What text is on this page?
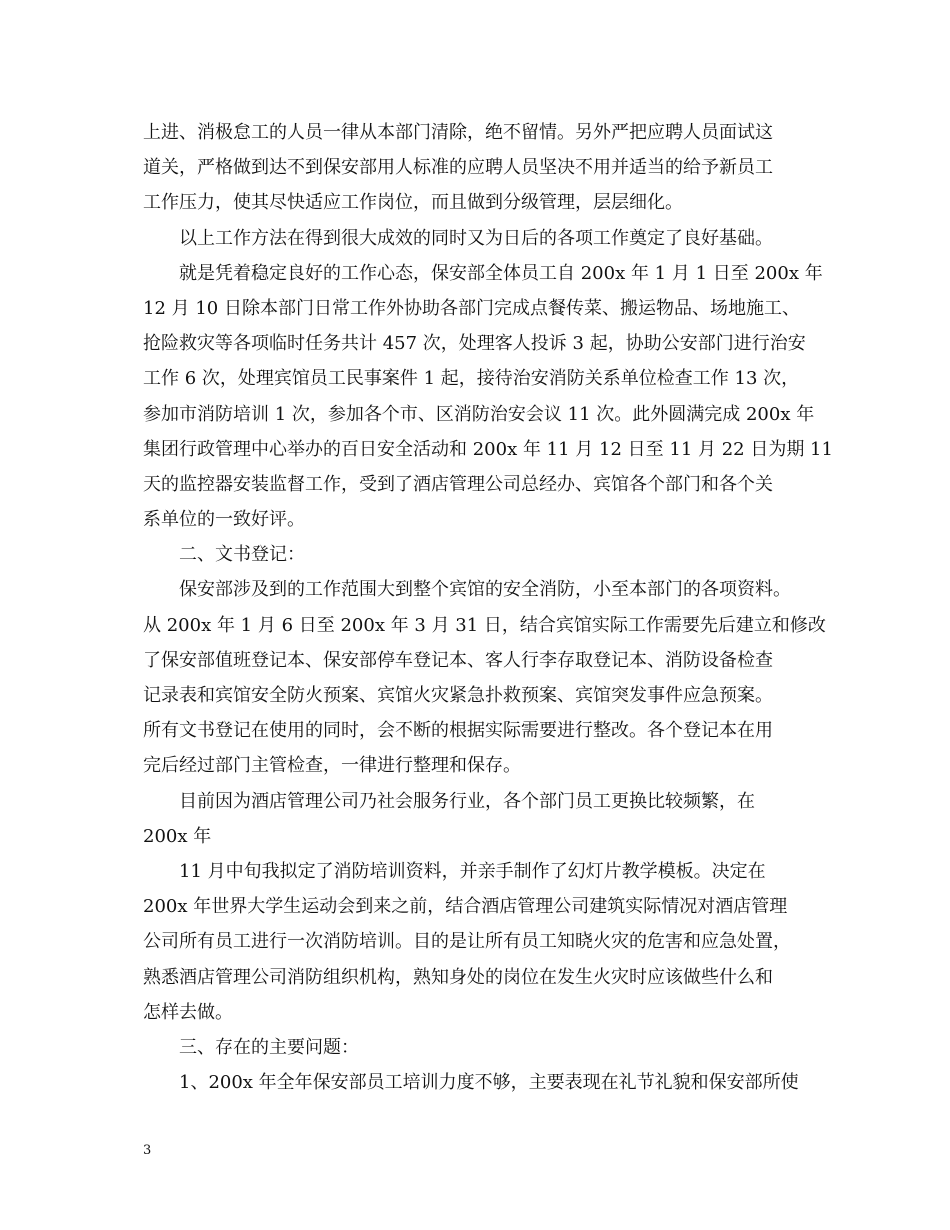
上进、消极怠工的人员一律从本部门清除，绝不留情。另外严把应聘人员面试这
道关，严格做到达不到保安部用人标准的应聘人员坚决不用并适当的给予新员工
工作压力，使其尽快适应工作岗位，而且做到分级管理，层层细化。
以上工作方法在得到很大成效的同时又为日后的各项工作奠定了良好基础。
就是凭着稳定良好的工作心态，保安部全体员工自 200x 年 1 月 1 日至 200x 年
12 月 10 日除本部门日常工作外协助各部门完成点餐传菜、搬运物品、场地施工、
抢险救灾等各项临时任务共计 457 次，处理客人投诉 3 起，协助公安部门进行治安
工作 6 次，处理宾馆员工民事案件 1 起，接待治安消防关系单位检查工作 13 次，
参加市消防培训 1 次，参加各个市、区消防治安会议 11 次。此外圆满完成 200x 年
集团行政管理中心举办的百日安全活动和 200x 年 11 月 12 日至 11 月 22 日为期 11
天的监控器安装监督工作，受到了酒店管理公司总经办、宾馆各个部门和各个关
系单位的一致好评。
二、文书登记：
保安部涉及到的工作范围大到整个宾馆的安全消防，小至本部门的各项资料。
从 200x 年 1 月 6 日至 200x 年 3 月 31 日，结合宾馆实际工作需要先后建立和修改
了保安部值班登记本、保安部停车登记本、客人行李存取登记本、消防设备检查
记录表和宾馆安全防火预案、宾馆火灾紧急扑救预案、宾馆突发事件应急预案。
所有文书登记在使用的同时，会不断的根据实际需要进行整改。各个登记本在用
完后经过部门主管检查，一律进行整理和保存。
目前因为酒店管理公司乃社会服务行业，各个部门员工更换比较频繁，在
200x 年
11 月中旬我拟定了消防培训资料，并亲手制作了幻灯片教学模板。决定在
200x 年世界大学生运动会到来之前，结合酒店管理公司建筑实际情况对酒店管理
公司所有员工进行一次消防培训。目的是让所有员工知晓火灾的危害和应急处置，
熟悉酒店管理公司消防组织机构，熟知身处的岗位在发生火灾时应该做些什么和
怎样去做。
三、存在的主要问题：
1、200x 年全年保安部员工培训力度不够，主要表现在礼节礼貌和保安部所使
3
